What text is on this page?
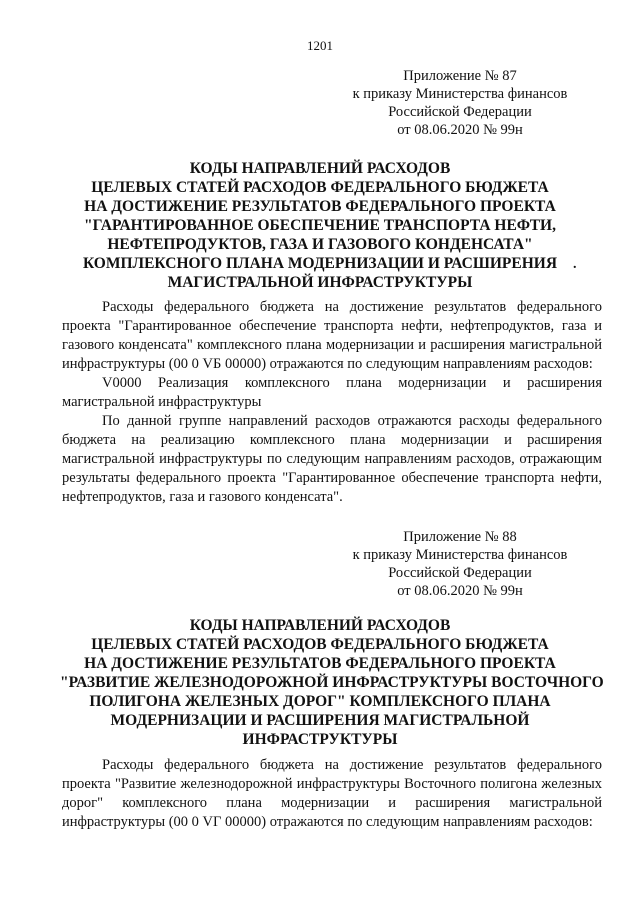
1201
Приложение № 87
к приказу Министерства финансов
Российской Федерации
от 08.06.2020 № 99н
КОДЫ НАПРАВЛЕНИЙ РАСХОДОВ
ЦЕЛЕВЫХ СТАТЕЙ РАСХОДОВ ФЕДЕРАЛЬНОГО БЮДЖЕТА
НА ДОСТИЖЕНИЕ РЕЗУЛЬТАТОВ ФЕДЕРАЛЬНОГО ПРОЕКТА
"ГАРАНТИРОВАННОЕ ОБЕСПЕЧЕНИЕ ТРАНСПОРТА НЕФТИ,
НЕФТЕПРОДУКТОВ, ГАЗА И ГАЗОВОГО КОНДЕНСАТА"
КОМПЛЕКСНОГО ПЛАНА МОДЕРНИЗАЦИИ И РАСШИРЕНИЯ
МАГИСТРАЛЬНОЙ ИНФРАСТРУКТУРЫ
.

Расходы федерального бюджета на достижение результатов федерального проекта "Гарантированное обеспечение транспорта нефти, нефтепродуктов, газа и газового конденсата" комплексного плана модернизации и расширения магистральной инфраструктуры (00 0 VБ 00000) отражаются по следующим направлениям расходов:

V0000 Реализация комплексного плана модернизации и расширения магистральной инфраструктуры

По данной группе направлений расходов отражаются расходы федерального бюджета на реализацию комплексного плана модернизации и расширения магистральной инфраструктуры по следующим направлениям расходов, отражающим результаты федерального проекта "Гарантированное обеспечение транспорта нефти, нефтепродуктов, газа и газового конденсата".

Приложение № 88
к приказу Министерства финансов
Российской Федерации
от 08.06.2020 № 99н
КОДЫ НАПРАВЛЕНИЙ РАСХОДОВ
ЦЕЛЕВЫХ СТАТЕЙ РАСХОДОВ ФЕДЕРАЛЬНОГО БЮДЖЕТА
НА ДОСТИЖЕНИЕ РЕЗУЛЬТАТОВ ФЕДЕРАЛЬНОГО ПРОЕКТА
"РАЗВИТИЕ ЖЕЛЕЗНОДОРОЖНОЙ ИНФРАСТРУКТУРЫ ВОСТОЧНОГО
ПОЛИГОНА ЖЕЛЕЗНЫХ ДОРОГ" КОМПЛЕКСНОГО ПЛАНА
МОДЕРНИЗАЦИИ И РАСШИРЕНИЯ МАГИСТРАЛЬНОЙ
ИНФРАСТРУКТУРЫ

Расходы федерального бюджета на достижение результатов федерального проекта "Развитие железнодорожной инфраструктуры Восточного полигона железных дорог" комплексного плана модернизации и расширения магистральной инфраструктуры (00 0 VГ 00000) отражаются по следующим направлениям расходов:
